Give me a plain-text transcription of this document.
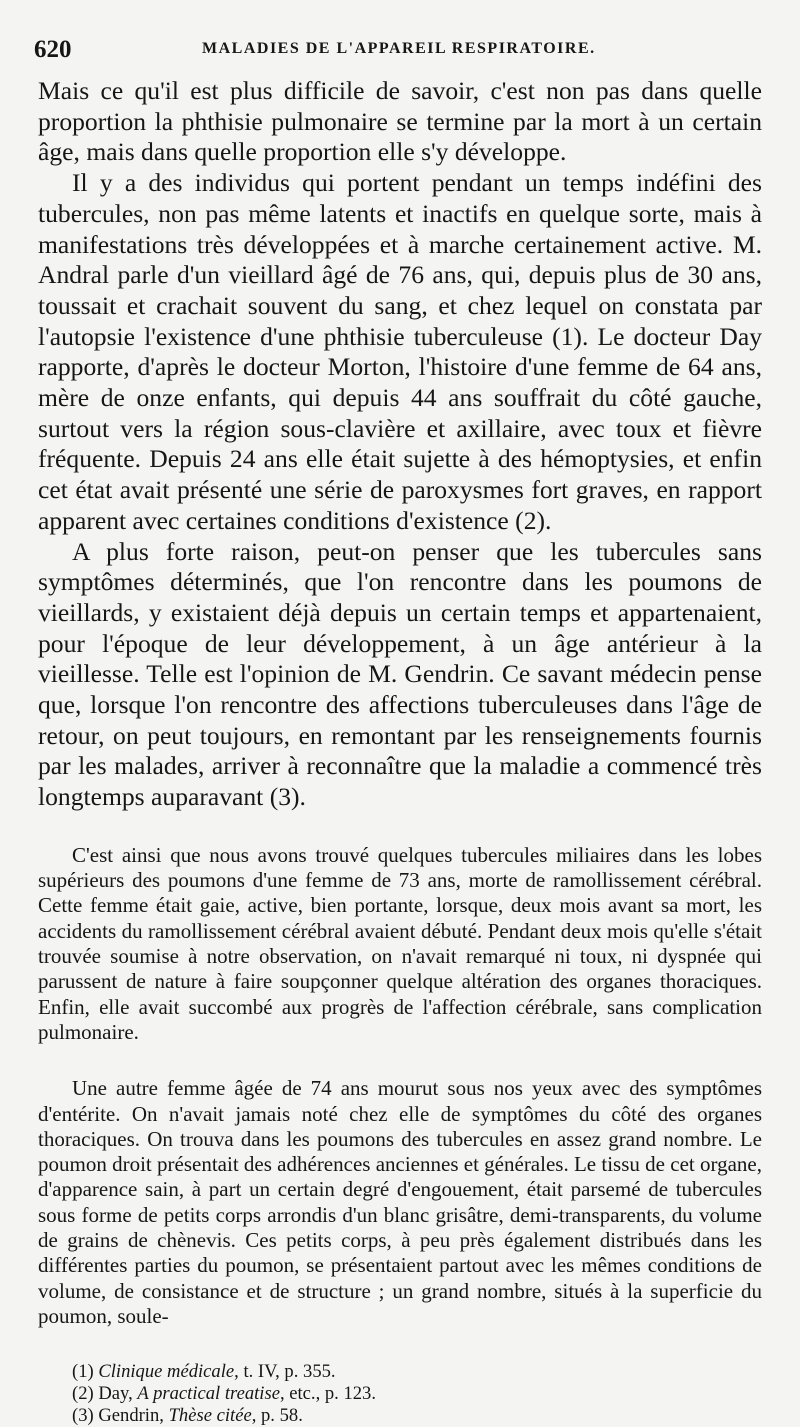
620	MALADIES DE L'APPAREIL RESPIRATOIRE.

Mais ce qu'il est plus difficile de savoir, c'est non pas dans quelle proportion la phthisie pulmonaire se termine par la mort à un certain âge, mais dans quelle proportion elle s'y développe.

Il y a des individus qui portent pendant un temps indéfini des tubercules, non pas même latents et inactifs en quelque sorte, mais à manifestations très développées et à marche certainement active. M. Andral parle d'un vieillard âgé de 76 ans, qui, depuis plus de 30 ans, toussait et crachait souvent du sang, et chez lequel on constata par l'autopsie l'existence d'une phthisie tuberculeuse (1). Le docteur Day rapporte, d'après le docteur Morton, l'histoire d'une femme de 64 ans, mère de onze enfants, qui depuis 44 ans souffrait du côté gauche, surtout vers la région sous-clavière et axillaire, avec toux et fièvre fréquente. Depuis 24 ans elle était sujette à des hémoptysies, et enfin cet état avait présenté une série de paroxysmes fort graves, en rapport apparent avec certaines conditions d'existence (2).

A plus forte raison, peut-on penser que les tubercules sans symptômes déterminés, que l'on rencontre dans les poumons de vieillards, y existaient déjà depuis un certain temps et appartenaient, pour l'époque de leur développement, à un âge antérieur à la vieillesse. Telle est l'opinion de M. Gendrin. Ce savant médecin pense que, lorsque l'on rencontre des affections tuberculeuses dans l'âge de retour, on peut toujours, en remontant par les renseignements fournis par les malades, arriver à reconnaître que la maladie a commencé très longtemps auparavant (3).

C'est ainsi que nous avons trouvé quelques tubercules miliaires dans les lobes supérieurs des poumons d'une femme de 73 ans, morte de ramollissement cérébral. Cette femme était gaie, active, bien portante, lorsque, deux mois avant sa mort, les accidents du ramollissement cérébral avaient débuté. Pendant deux mois qu'elle s'était trouvée soumise à notre observation, on n'avait remarqué ni toux, ni dyspnée qui parussent de nature à faire soupçonner quelque altération des organes thoraciques. Enfin, elle avait succombé aux progrès de l'affection cérébrale, sans complication pulmonaire.

Une autre femme âgée de 74 ans mourut sous nos yeux avec des symptômes d'entérite. On n'avait jamais noté chez elle de symptômes du côté des organes thoraciques. On trouva dans les poumons des tubercules en assez grand nombre. Le poumon droit présentait des adhérences anciennes et générales. Le tissu de cet organe, d'apparence sain, à part un certain degré d'engouement, était parsemé de tubercules sous forme de petits corps arrondis d'un blanc grisâtre, demi-transparents, du volume de grains de chènevis. Ces petits corps, à peu près également distribués dans les différentes parties du poumon, se présentaient partout avec les mêmes conditions de volume, de consistance et de structure ; un grand nombre, situés à la superficie du poumon, soule-

(1) Clinique médicale, t. IV, p. 355.
(2) Day, A practical treatise, etc., p. 123.
(3) Gendrin, Thèse citée, p. 58.
